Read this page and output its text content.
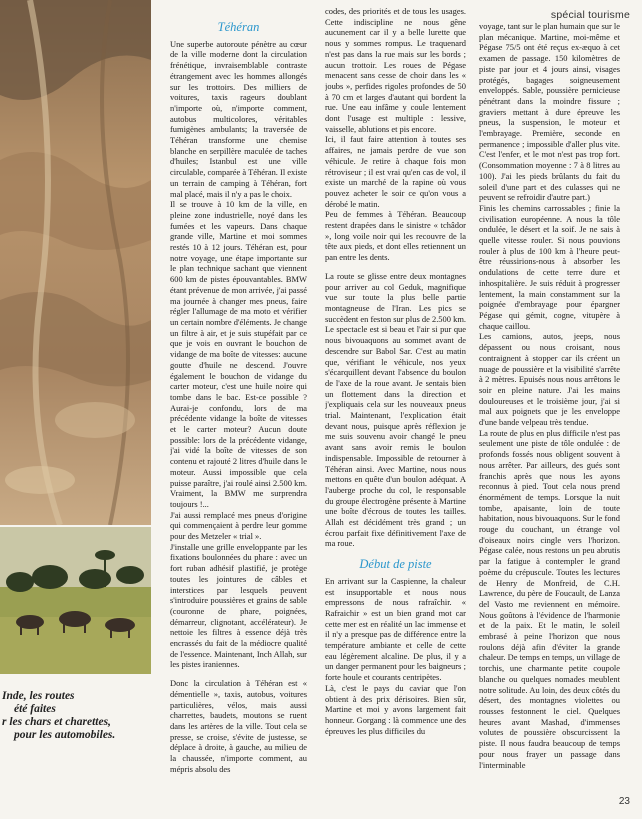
Inde, les routes
été faites
r les chars et charettes,
pour les automobiles.
spécial tourisme
Téhéran

Une superbe autoroute pénètre au cœur de la ville moderne dont la circulation frénétique, invraisemblable contraste étrangement avec les hommes allongés sur les trottoirs. Des milliers de voitures, taxis rageurs doublant n'importe où, n'importe comment, autobus multicolores, véritables fumigènes ambulants; la traversée de Téhéran transforme une chemise blanche en serpillère maculée de taches d'huiles; Istanbul est une ville circulable, comparée à Téhéran. Il existe un terrain de camping à Téhéran, fort mal placé, mais il n'y a pas le choix.

Il se trouve à 10 km de la ville, en pleine zone industrielle, noyé dans les fumées et les vapeurs. Dans chaque grande ville, Martine et moi sommes restés 10 à 12 jours. Téhéran est, pour notre voyage, une étape importante sur le plan technique sachant que viennent 600 km de pistes épouvantables. BMW étant prévenue de mon arrivée, j'ai passé ma journée à changer mes pneus, faire régler l'allumage de ma moto et vérifier un certain nombre d'éléments. Je change un filtre à air, et je suis stupéfait par ce que je vois en ouvrant le bouchon de vidange de ma boîte de vitesses: aucune goutte d'huile ne descend. J'ouvre également le bouchon de vidange du carter moteur, c'est une huile noire qui tombe dans le bac. Est-ce possible ? Aurai-je confondu, lors de ma précédente vidange la boîte de vitesses et le carter moteur? Aucun doute possible: lors de la précédente vidange, j'ai vidé la boîte de vitesses de son contenu et rajouté 2 litres d'huile dans le moteur. Aussi impossible que cela puisse paraître, j'ai roulé ainsi 2.500 km. Vraiment, la BMW me surprendra toujours !...

J'ai aussi remplacé mes pneus d'origine qui commençaient à perdre leur gomme pour des Metzeler « trial ».

J'installe une grille enveloppante par les fixations boulonnées du phare : avec un fort ruban adhésif plastifié, je protège toutes les jointures de câbles et interstices par lesquels peuvent s'introduire poussières et grains de sable (couronne de phare, poignées, démarreur, clignotant, accélérateur). Je nettoie les filtres à essence déjà très encrassés du fait de la médiocre qualité de l'essence. Maintenant, Inch Allah, sur les pistes iraniennes.

Donc la circulation à Téhéran est « démentielle », taxis, autobus, voitures particulières, vélos, mais aussi charrettes, baudets, moutons se ruent dans les artères de la ville. Tout cela se presse, se croise, s'évite de justesse, se déplace à droite, à gauche, au milieu de la chaussée, n'importe comment, au mépris absolu des

codes, des priorités et de tous les usages. Cette indiscipline ne nous gêne aucunement car il y a belle lurette que nous y sommes rompus. Le traquenard n'est pas dans la rue mais sur les bords ; aucun trottoir. Les roues de Pégase menacent sans cesse de choir dans les « joubs », perfides rigoles profondes de 50 à 70 cm et larges d'autant qui bordent la rue. Une eau infâme y coule lentement dont l'usage est multiple : lessive, vaisselle, ablutions et pis encore.

Ici, il faut faire attention à toutes ses affaires, ne jamais perdre de vue son véhicule. Je retire à chaque fois mon rétroviseur ; il est vrai qu'en cas de vol, il existe un marché de la rapine où vous pouvez acheter le soir ce qu'on vous a dérobé le matin.

Peu de femmes à Téhéran. Beaucoup restent drapées dans le sinistre « tchâdor », long voile noir qui les recouvre de la tête aux pieds, et dont elles retiennent un pan entre les dents.

La route se glisse entre deux montagnes pour arriver au col Geduk, magnifique vue sur toute la plus belle partie montagneuse de l'Iran. Les pics se succèdent en feston sur plus de 2.500 km. Le spectacle est si beau et l'air si pur que nous bivouaquons au sommet avant de descendre sur Babol Sar. C'est au matin que, vérifiant le véhicule, nos yeux s'écarquillent devant l'absence du boulon de l'axe de la roue avant. Je sentais bien un flottement dans la direction et j'expliquais cela sur les nouveaux pneus trial. Maintenant, l'explication était devant nous, puisque après réflexion je me suis souvenu avoir changé le pneu avant sans avoir remis le boulon indispensable. Impossible de retourner à Téhéran ainsi. Avec Martine, nous nous mettons en quête d'un boulon adéquat. A l'auberge proche du col, le responsable du groupe électrogène présente à Martine une boîte d'écrous de toutes les tailles. Allah est décidément très grand ; un écrou parfait fixe définitivement l'axe de ma roue.

Début de piste

En arrivant sur la Caspienne, la chaleur est insupportable et nous nous empressons de nous rafraîchir. « Rafraichir » est un bien grand mot car cette mer est en réalité un lac immense et il n'y a presque pas de différence entre la température ambiante et celle de cette eau légèrement alcaline. De plus, il y a un danger permanent pour les baigneurs ; forte houle et courants centripètes.

Là, c'est le pays du caviar que l'on obtient à des prix dérisoires. Bien sûr, Martine et moi y avons largement fait honneur. Gorgang : là commence une des épreuves les plus difficiles du

voyage, tant sur le plan humain que sur le plan mécanique. Martine, moi-même et Pégase 75/5 ont été reçus ex-æquo à cet examen de passage. 150 kilomètres de piste par jour et 4 jours ainsi, visages protégés, bagages soigneusement enveloppés. Sable, poussière pernicieuse pénétrant dans la moindre fissure ; graviers mettant à dure épreuve les pneus, la suspension, le moteur et l'embrayage. Première, seconde en permanence ; impossible d'aller plus vite. C'est l'enfer, et le mot n'est pas trop fort. (Consommation moyenne : 7 à 8 litres au 100). J'ai les pieds brûlants du fait du soleil d'une part et des culasses qui ne peuvent se refroidir d'autre part.)

Finis les chemins carrossables ; finie la civilisation européenne. A nous la tôle ondulée, le désert et la soif. Je ne sais à quelle vitesse rouler. Si nous pouvions rouler à plus de 100 km à l'heure peut-être réussirions-nous à absorber les ondulations de cette terre dure et inhospitalière. Je suis réduit à progresser lentement, la main constamment sur la poignée d'embrayage pour épargner Pégase qui gémit, cogne, vitupère à chaque caillou.

Les camions, autos, jeeps, nous dépassent ou nous croisant, nous contraignent à stopper car ils créent un nuage de poussière et la visibilité s'arrête à 2 mètres. Epuisés nous nous arrêtons le soir en pleine nature. J'ai les mains douloureuses et le troisième jour, j'ai si mal aux poignets que je les enveloppe d'une bande velpeau très tendue.

La route de plus en plus difficile n'est pas seulement une piste de tôle ondulée : de profonds fossés nous obligent souvent à nous arrêter. Par ailleurs, des gués sont franchis après que nous les ayons reconnus à pied. Tout cela nous prend énormément de temps. Lorsque la nuit tombe, apaisante, loin de toute habitation, nous bivouaquons. Sur le fond rouge du couchant, un étrange vol d'oiseaux noirs cingle vers l'horizon. Pégase calée, nous restons un peu abrutis par la fatigue à contempler le grand poème du crépuscule. Toutes les lectures de Henry de Monfreid, de C.H. Lawrence, du père de Foucault, de Lanza del Vasto me reviennent en mémoire. Nous goûtons à l'évidence de l'harmonie et de la paix. Et le matin, le soleil embrasé à peine l'horizon que nous roulons déjà afin d'éviter la grande chaleur. De temps en temps, un village de torchis, une charmante petite coupole blanche ou quelques nomades meublent notre solitude. Au loin, des deux côtés du désert, des montagnes violettes ou rousses festonnent le ciel. Quelques heures avant Mashad, d'immenses volutes de poussière obscurcissent la piste. Il nous faudra beaucoup de temps pour nous frayer un passage dans l'interminable

23
